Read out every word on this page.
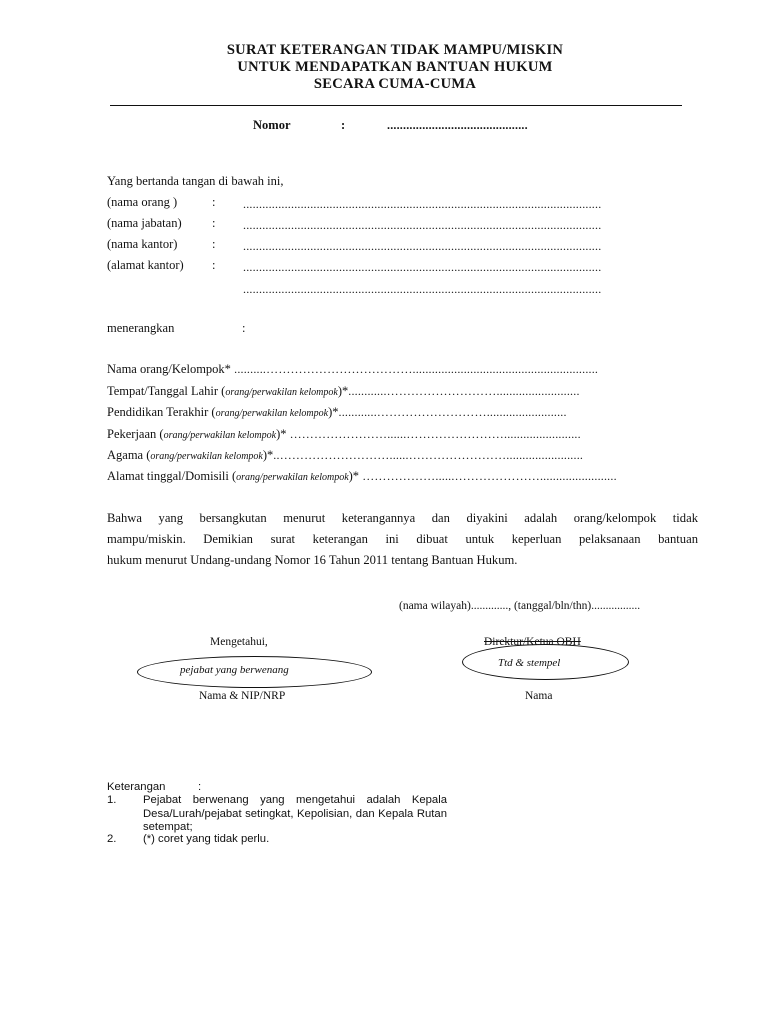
SURAT KETERANGAN TIDAK MAMPU/MISKIN
UNTUK MENDAPATKAN BANTUAN HUKUM
SECARA CUMA-CUMA
Nomor	:	............................................
Yang bertanda tangan di bawah ini,
(nama orang )	: ................................................................................................................
(nama jabatan) : ................................................................................................................
(nama kantor)	: ................................................................................................................
(alamat kantor) : ................................................................................................................
................................................................................................................
menerangkan	:
Nama orang/Kelompok* ..........………………………………..........................................................
Tempat/Tanggal Lahir (orang/perwakilan kelompok)*............………………………..........................
Pendidikan Terakhir (orang/perwakilan kelompok)*............……………………….........................
Pekerjaan (orang/perwakilan kelompok)* ……………………......……………………........................
Agama (orang/perwakilan kelompok)*..………………………......……………………........................
Alamat tinggal/Domisili (orang/perwakilan kelompok)* ………………......…………………........................
Bahwa yang bersangkutan menurut keterangannya dan diyakini adalah orang/kelompok tidak
mampu/miskin. Demikian surat keterangan ini dibuat untuk keperluan pelaksanaan bantuan
hukum menurut Undang-undang Nomor 16 Tahun 2011 tentang Bantuan Hukum.
(nama wilayah)............., (tanggal/bln/thn).................
Mengetahui,
pejabat yang berwenang
Nama & NIP/NRP
Direktur/Ketua OBH
Ttd & stempel
Nama
Keterangan	:
1. Pejabat berwenang yang mengetahui adalah Kepala Desa/Lurah/pejabat setingkat, Kepolisian, dan Kepala Rutan setempat;
2. (*) coret yang tidak perlu.
